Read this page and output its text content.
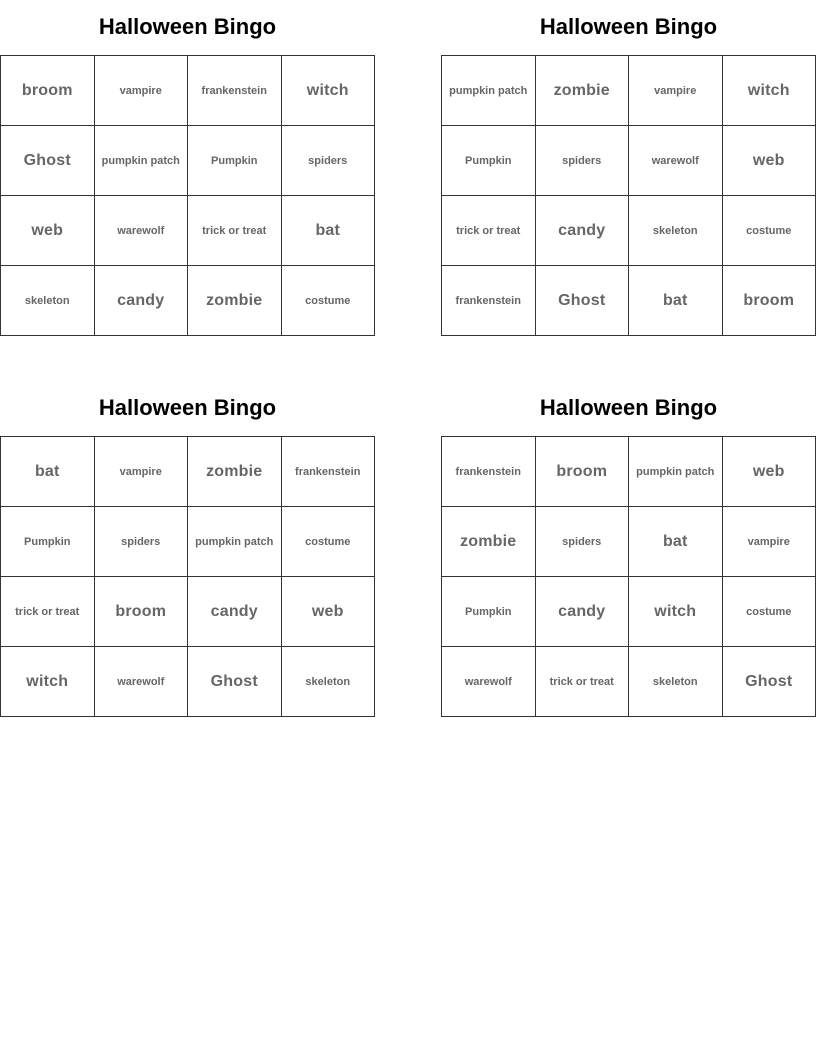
Halloween Bingo
broom	vampire	frankenstein	witch
Ghost	pumpkin patch	Pumpkin	spiders
web	warewolf	trick or treat	bat
skeleton	candy	zombie	costume
Halloween Bingo
pumpkin patch	zombie	vampire	witch
Pumpkin	spiders	warewolf	web
trick or treat	candy	skeleton	costume
frankenstein	Ghost	bat	broom
Halloween Bingo
bat	vampire	zombie	frankenstein
Pumpkin	spiders	pumpkin patch	costume
trick or treat	broom	candy	web
witch	warewolf	Ghost	skeleton
Halloween Bingo
frankenstein	broom	pumpkin patch	web
zombie	spiders	bat	vampire
Pumpkin	candy	witch	costume
warewolf	trick or treat	skeleton	Ghost
